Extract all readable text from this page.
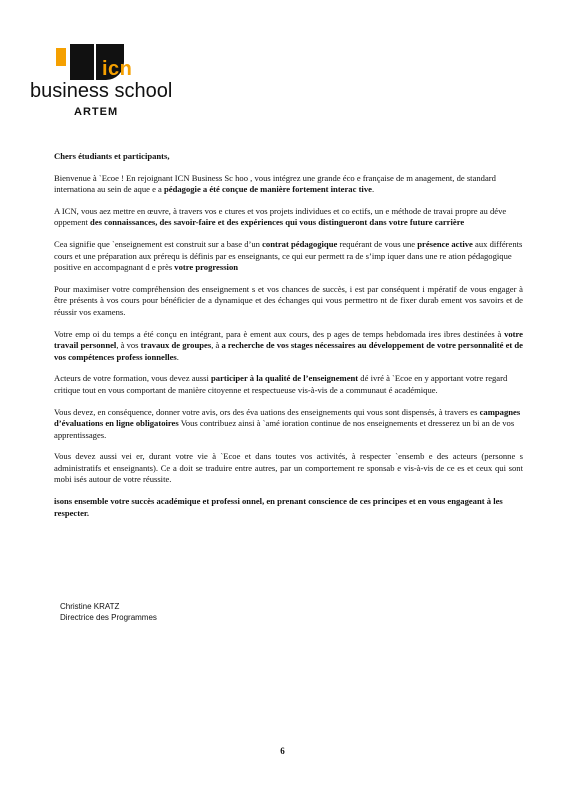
icn
business school
ARTEM

Chers étudiants et participants,

Bienvenue à `Ecoe ! En rejoignant ICN Business Sc hoo , vous intégrez une grande éco e française de m anagement, de standard internationa au sein de aque e a pédagogie a été conçue de manière fortement interac tive.

A ICN, vous aez mettre en œuvre, à travers vos e ctures et vos projets individues et co ectifs, un e méthode de travai propre au déve oppement des connaissances, des savoir-faire et des expériences qui vous distingueront dans votre future carrière

Cea signifie que `enseignement est construit sur a base d’un contrat pédagogique requérant de vous une présence active aux différents cours et une préparation aux prérequ is définis par es enseignants, ce qui eur permett ra de s’imp iquer dans une re ation pédagogique positive en accompagnant d e près votre progression

Pour maximiser votre compréhension des enseignement s et vos chances de succès, i est par conséquent i mpératif de vous engager à être présents à vos cours pour bénéficier de a dynamique et des échanges qui vous permettro nt de fixer durab ement vos savoirs et de réussir vos examens.

Votre emp oi du temps a été conçu en intégrant, para è ement aux cours, des p ages de temps hebdomada ires ibres destinées à votre travail personnel, à vos travaux de groupes, à a recherche de vos stages nécessaires au développement de votre personnalité et de vos compétences profess ionnelles.

Acteurs de votre formation, vous devez aussi participer à la qualité de l’enseignement dé ivré à `Ecoe en y apportant votre regard critique tout en vous comportant de manière citoyenne et respectueuse vis-à-vis de a communaut é académique.

Vous devez, en conséquence, donner votre avis, ors des éva uations des enseignements qui vous sont dispensés, à travers es campagnes d’évaluations en ligne obligatoires Vous contribuez ainsi à `amé ioration continue de nos enseignements et dresserez un bi an de vos apprentissages.

Vous devez aussi vei er, durant votre vie à `Ecoe et dans toutes vos activités, à respecter `ensemb e des acteurs (personne s administratifs et enseignants). Ce a doit se traduire entre autres, par un comportement re sponsab e vis-à-vis de ce es et ceux qui sont mobi isés autour de votre réussite.

isons ensemble votre succès académique et professi onnel, en prenant conscience de ces principes et en vous engageant à les respecter.

Christine KRATZ
Directrice des Programmes
6
